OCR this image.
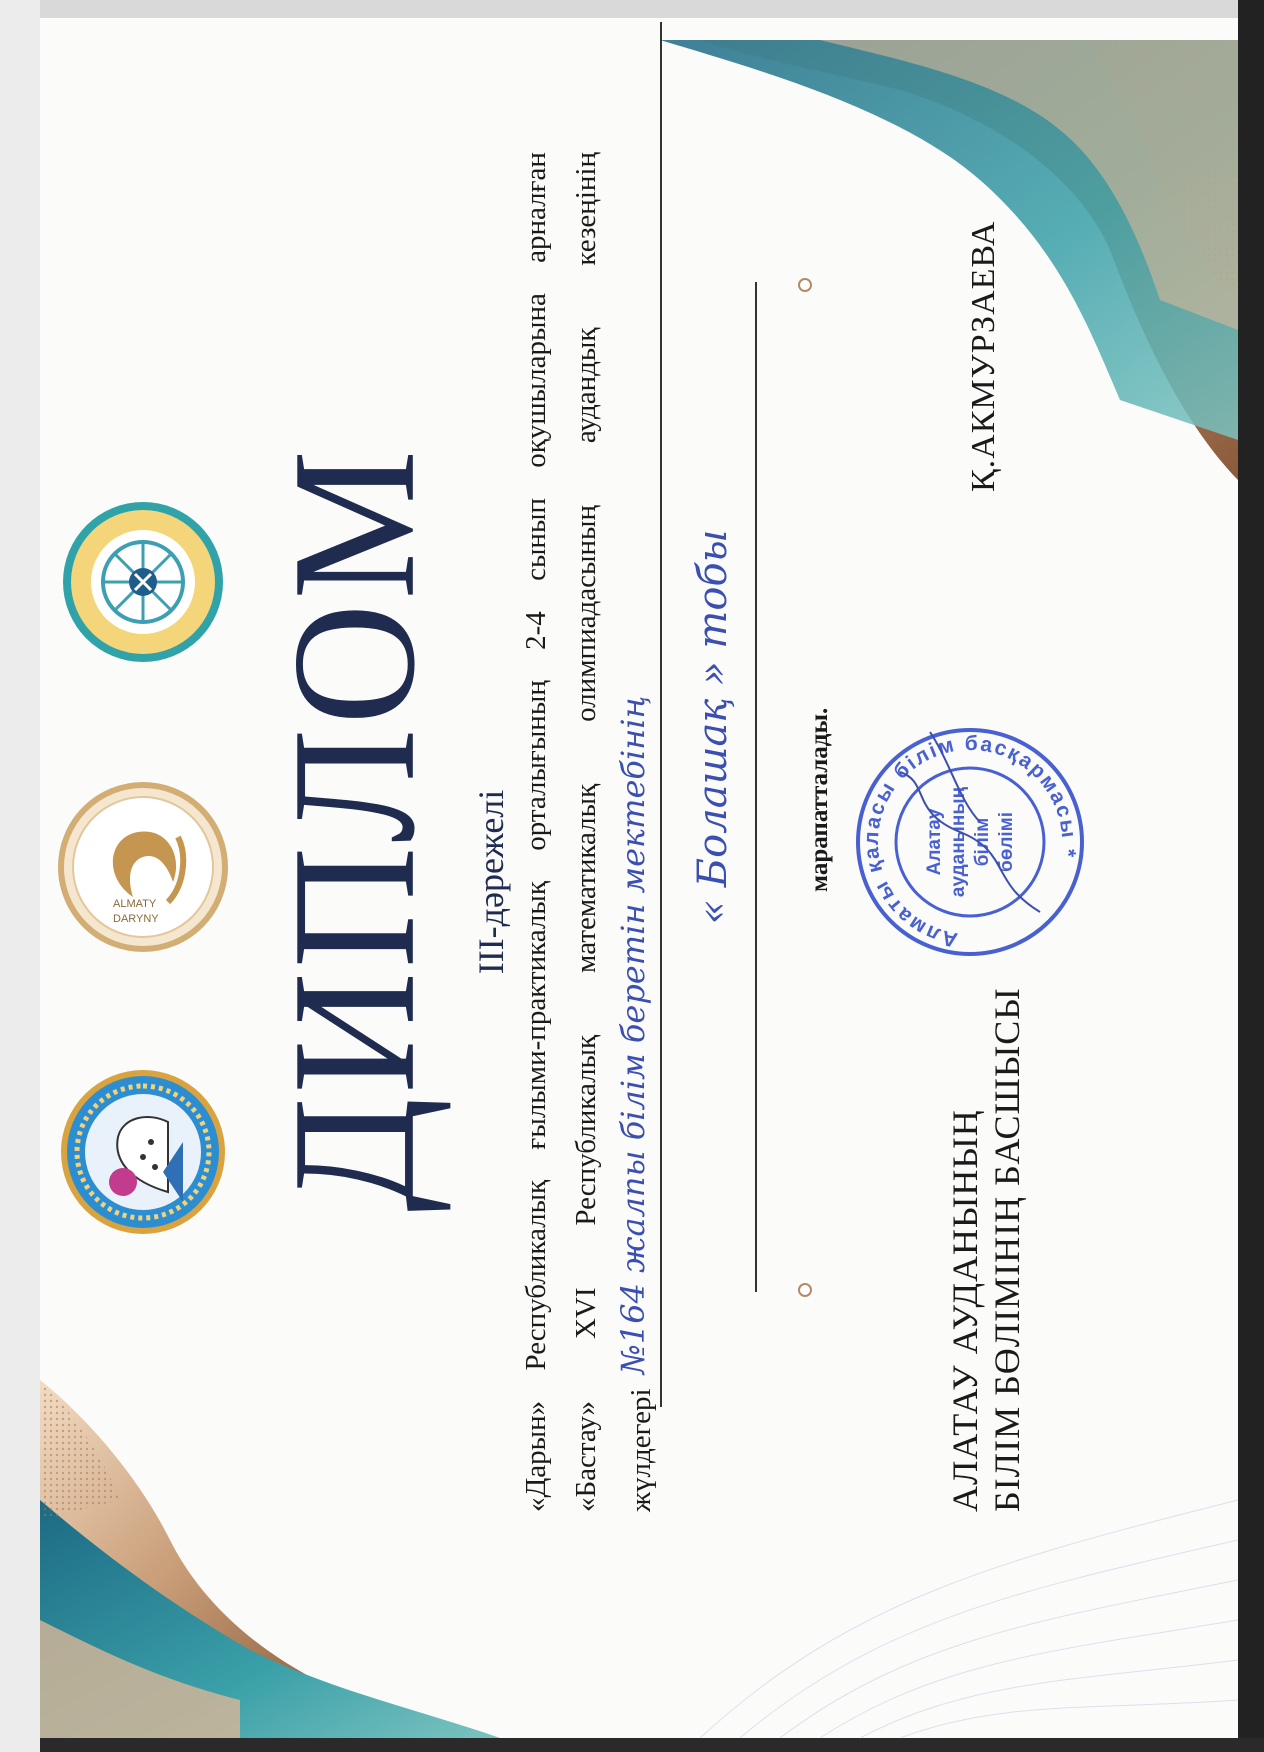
ALMATY
DARYNY ДИПЛОМ III-дәрежелі
«Дарын»
Республикалық
ғылыми-практикалық
орталығының
2-4
сынып
оқушыларына
арналған
«Бастау»
XVI
Республикалық
математикалық
олимпиадасының
аудандық
кезеңінің
жүлдегері
№164 жалпы білім беретін мектебінің « Болашақ » тобы	марапатталады.
АЛАТАУ АУДАНЫНЫҢ БІЛІМ БӨЛІМІНІҢ БАСШЫСЫ
Алматы қаласы білім басқармасы *
Алатау ауданының білім бөлімі
Қ.АКМУРЗАЕВА
